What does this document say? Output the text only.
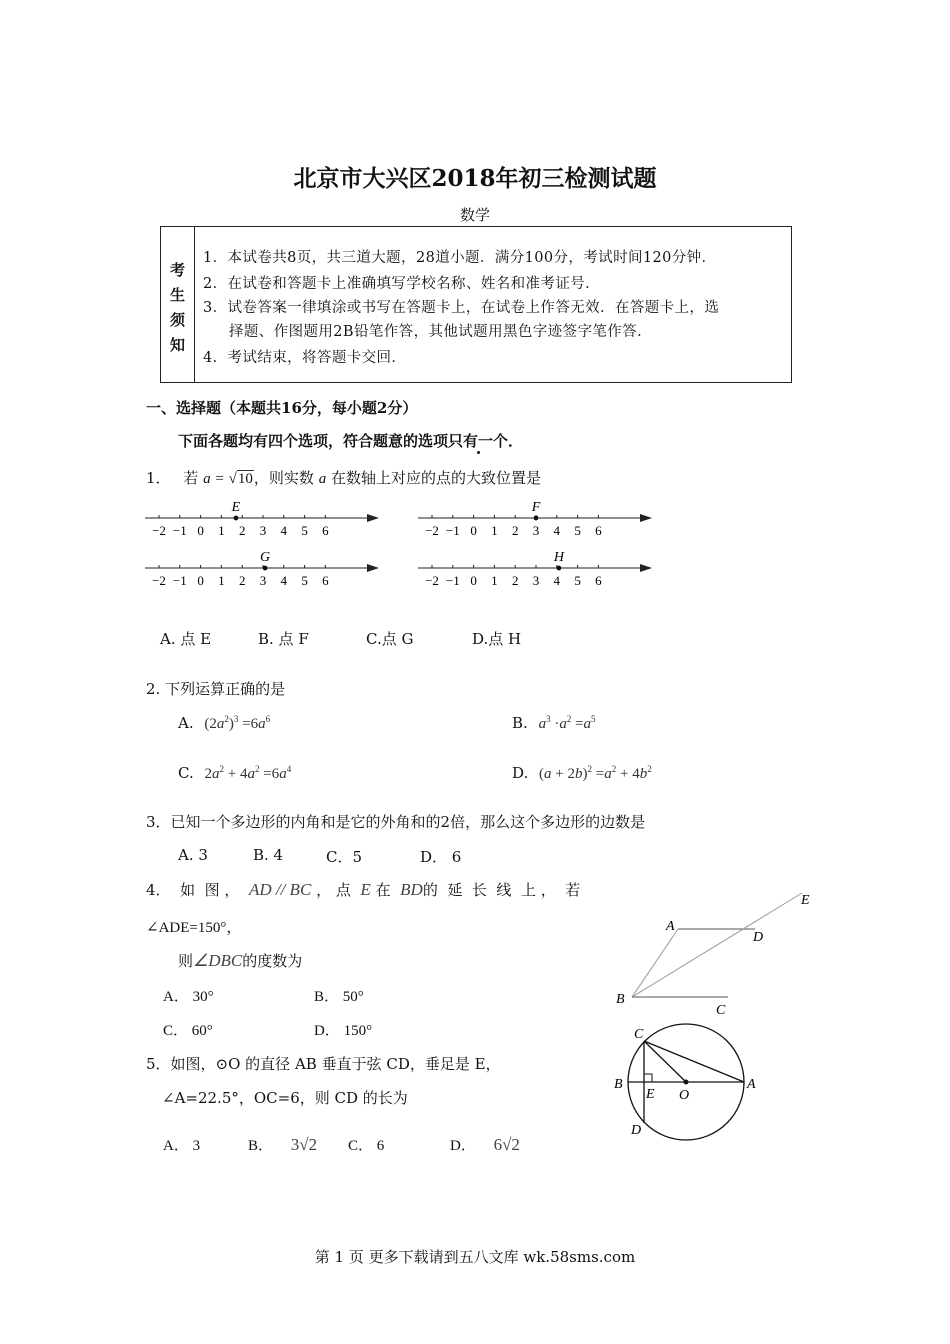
北京市大兴区2018年初三检测试题
数学
考
生
须
知
1．本试卷共8页，共三道大题，28道小题．满分100分，考试时间120分钟．
2．在试卷和答题卡上准确填写学校名称、姓名和准考证号．
3．试卷答案一律填涂或书写在答题卡上，在试卷上作答无效．在答题卡上，选
择题、作图题用2B铅笔作答，其他试题用黑色字迹签字笔作答．
4．考试结束，将答题卡交回．
一、选择题（本题共16分，每小题2分）
下面各题均有四个选项，符合题意的选项只有一个．
1． 若 a = √10，则实数 a 在数轴上对应的点的大致位置是
−2 −1 0 1 2 3 4 5 6
E
−2 −1 0 1 2 3 4 5 6
F
−2 −1 0 1 2 3 4 5 6
G
−2 −1 0 1 2 3 4 5 6
H
A. 点 E	B. 点 F	C.点 G	D.点 H
2. 下列运算正确的是
A. $(2a^2)^3 =6a^6$	B. $a^3 \cdot a^2 =a^5$
C. $2a^2 + 4a^2 =6a^4$	D. $(a + 2b)^2 =a^2 + 4b^2$
3．已知一个多边形的内角和是它的外角和的2倍，那么这个多边形的边数是
A. 3	B. 4	C．5	D． 6
4． 如  图 ， AD // BC ， 点 E 在 BD的  延  长  线  上 ，  若
∠ADE=150°，
则∠DBC的度数为
A． 30°	B． 50°
C． 60°	D． 150°
A
D
E
B
C
5．如图，⊙O 的直径 AB 垂直于弦 CD，垂足是 E，
∠A=22.5°，OC=6，则 CD 的长为
A． 3	B． 3√2 C． 6	D． 6√2
C
B
E O
A
D
第 1 页 更多下载请到五八文库 wk.58sms.com
